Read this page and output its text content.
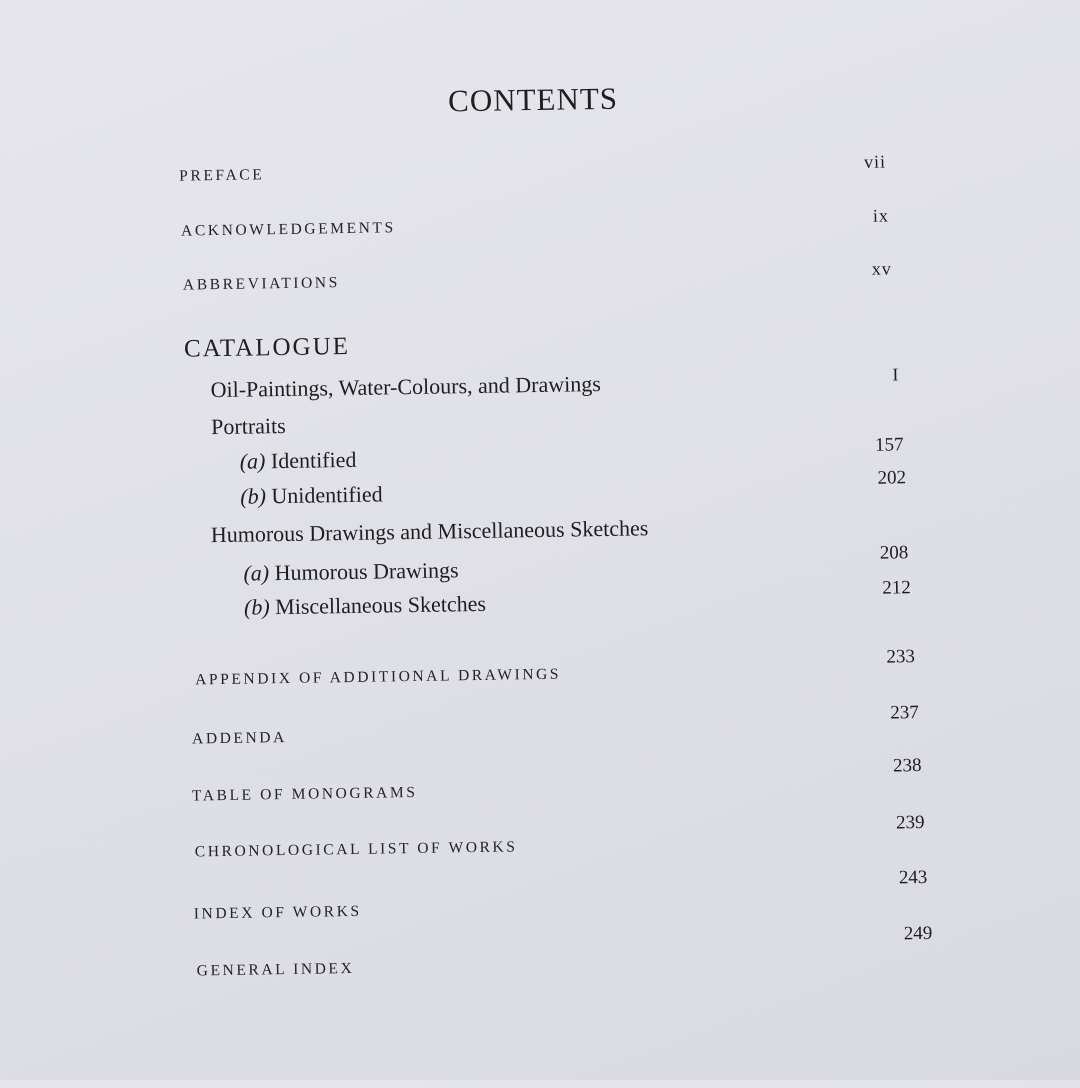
CONTENTS
PREFACE
vii
ACKNOWLEDGEMENTS
ix
ABBREVIATIONS
xv
CATALOGUE
Oil-Paintings, Water-Colours, and Drawings	I
Portraits
(a) Identified
157
(b) Unidentified
202
Humorous Drawings and Miscellaneous Sketches
(a) Humorous Drawings
208
(b) Miscellaneous Sketches
212
APPENDIX OF ADDITIONAL DRAWINGS
233
ADDENDA
237
TABLE OF MONOGRAMS
238
CHRONOLOGICAL LIST OF WORKS
239
INDEX OF WORKS
243
GENERAL INDEX
249
